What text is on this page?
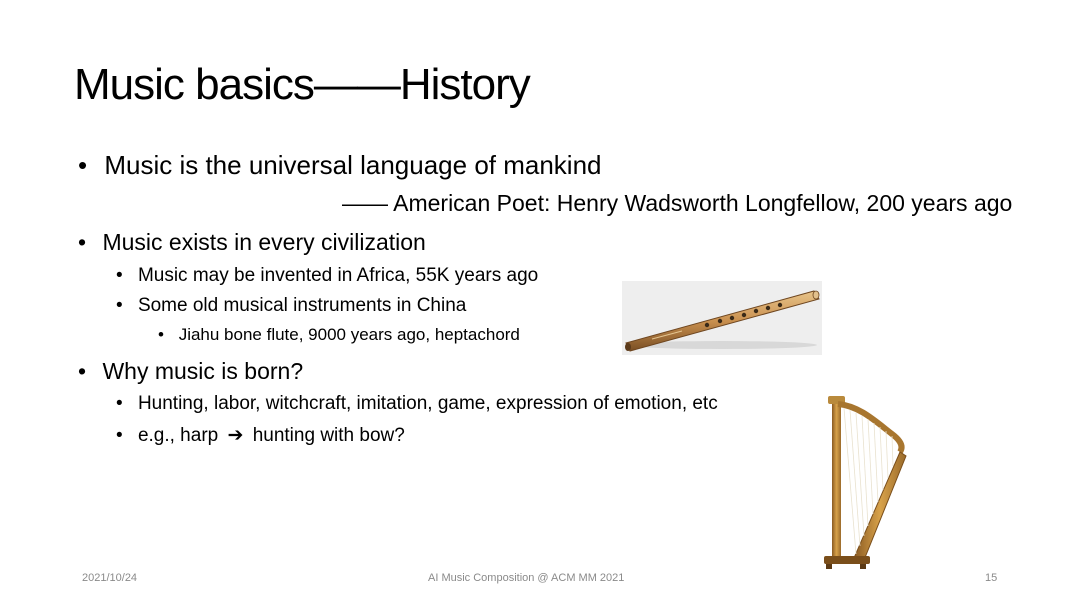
Music basics——History
• Music is the universal language of mankind
—— American Poet: Henry Wadsworth Longfellow, 200 years ago
• Music exists in every civilization
• Music may be invented in Africa, 55K years ago
• Some old musical instruments in China
• Jiahu bone flute, 9000 years ago, heptachord
• Why music is born?
• Hunting, labor, witchcraft, imitation, game, expression of emotion, etc
• e.g., harp ➔ hunting with bow?
2021/10/24	AI Music Composition @ ACM MM 2021	15
